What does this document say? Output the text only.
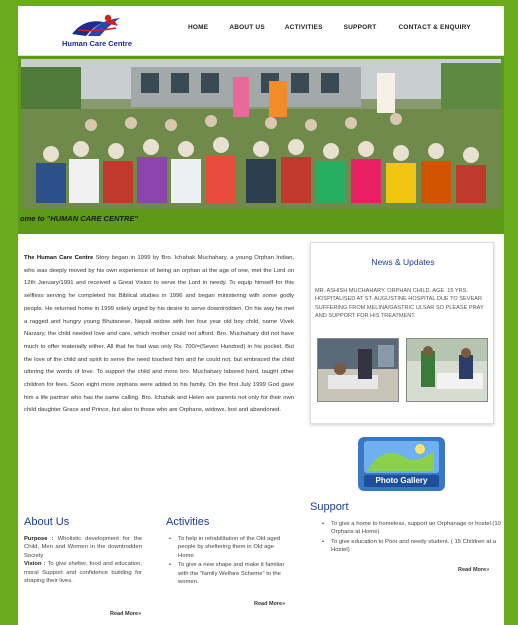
Human Care Centre
HOME	ABOUT US	ACTIVITIES	SUPPORT	CONTACT & ENQUIRY
ome to "HUMAN CARE CENTRE"
The Human Care Centre Story began in 1999 by Bro. Ichahak Muchahary, a young Orphan Indian, who was deeply moved by his own experience of being an orphan at the age of one, met the Lord on 12th January/1991 and received a Great Vision to serve the Lord in needy. To equip himself for this selfless serving he completed his Biblical studies in 1996 and began ministering with some godly people. He returned home in 1999 solely urged by his desire to serve downtrodden. On his way he met a ragged and hungry young Bhutanese, Nepali widow with her four year old boy child, name Vivek Narzary, the child needed love and care, which mother could not afford. Bro. Muchahary did not have much to offer materially either. All that he had was only Rs. 700/=(Seven Hundred) in his pocket. But the love of the child and spirit to serve the need touched him and he could not, but embraced the child uttering the words of love. To support the child and more bro. Muchahary labored hard, taught other children for fees. Soon eight more orphans were added to his family. On the first July 1999 God gave him a life partner who has the same calling. Bro. Ichahak and Helen are parents not only for their own child daughter Grace and Prince, but also to those who are Orphans, widows, lost and abandoned.
News & Updates
MR. ASHISH MUCHAHARY. ORPHAN CHILD. AGE. 15 YRS. HOSPITALISED AT ST. AUGUSTINE HOSPITAL DUE TO SEVEAR SUFFERING FROM MELINA/GASTRIC ULSAR SO PLEASE PRAY AND SUPPORT FOR HIS TREATMENT.
Photo Gallery
About Us
Purpose : Wholistic development for the Child, Men and Women in the downtrodden Society
Vision : To give shelter, food and education, moral Support and confidence building for shaping their lives.
Read More»
Activities
• To help in rehabilitation of the Old aged people by sheltering them in Old age Home.
• To give a new shape and make it familiar with the "family Welfare Scheme" to the women.
Read More»
Support
• To give a home to homeless, support an Orphanage or hostel.(10 Orphans at Home)
• To give education to Poor and needy student. ( 15 Children at a Hostel)
Read More»
